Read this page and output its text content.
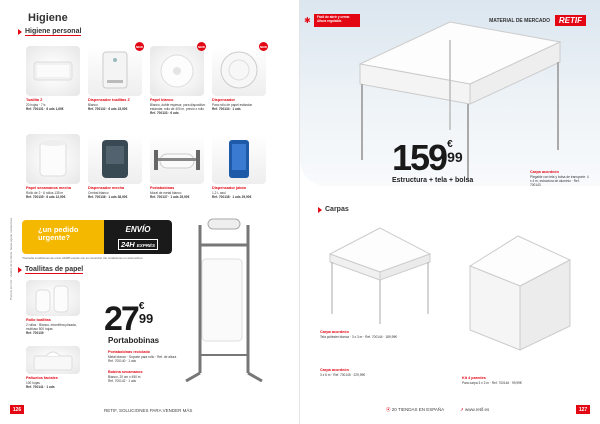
Higiene
Higiene personal
Toallita Z
20 hojas · 7 tr.
Ref. 700131 · 6 uds 1,69€
NEW
Dispensador toallitas Z
Blanco
Ref. 700132 · 6 uds 15,90€
NEW
Papel blanco
Blanco, doble espesor, para dispositivo estándar, rollo de 400 m, precio x rollo
Ref. 700133 · 6 uds
NEW
Dispensador
Para rollo de papel estándar
Ref. 700134 · 1 uds
Papel secamanos mecha
Rollo de 2 · 6 rollos 135 m
Ref. 700135 · 6 uds 12,90€
Dispensador mecha
Central blanco
Ref. 700136 · 1 uds 38,90€
Portabobinas
Mural de metal blanco
Ref. 700137 · 1 uds 25,90€
Dispensador jabón
1,2 L azul
Ref. 700138 · 1 uds 29,90€
¿un pedido urgente?
ENVÍO
24H EXPRÉS
*Consulte condiciones de envío 24/48h exprés con su comercial. Ver condiciones en www.retif.es
Toallitas de papel
Rollo toallitas
2 rollos · Blanco, microfibra plisada, multiuso 500 hojas
Ref. 700139
Pañuelos faciales
100 hojas
Ref. 700141 · 1 uds
27 €
99
Portabobinas
Portabobinas reciclado
Metal blanco · Soporte para rollo · Ref. de altura
Ref. 700140 · 1 uds
Bobina secamanos
Blanco, 20 cm x 450 m
Ref. 700142 · 1 uds
Precios sin IVA · Validez de la oferta: hasta agotar existencias
126	RETIF, SOLUCIONES PARA VENDER MÁS
✱	Fácil de abrir y cerrar. Altura regulable.	MATERIAL DE MERCADO	RETIF
159 €
99
Estructura + tela + bolsa
Carpa acordeón
Plegable con tela y bolsa de transporte. 4 x 4 m, estructura de aluminio · Ref. 700143
Carpas
Carpa acordeón
Tela poliéster blanca · 3 x 3 m · Ref. 700144 · 189,99€
Carpa acordeón
3 x 6 m · Ref. 700145 · 229,99€
Kit 4 paredes
Para carpa 3 x 3 m · Ref. 700146 · 99,99€
⦿ 20 TIENDAS EN ESPAÑA	➚ www.retif.es	127
